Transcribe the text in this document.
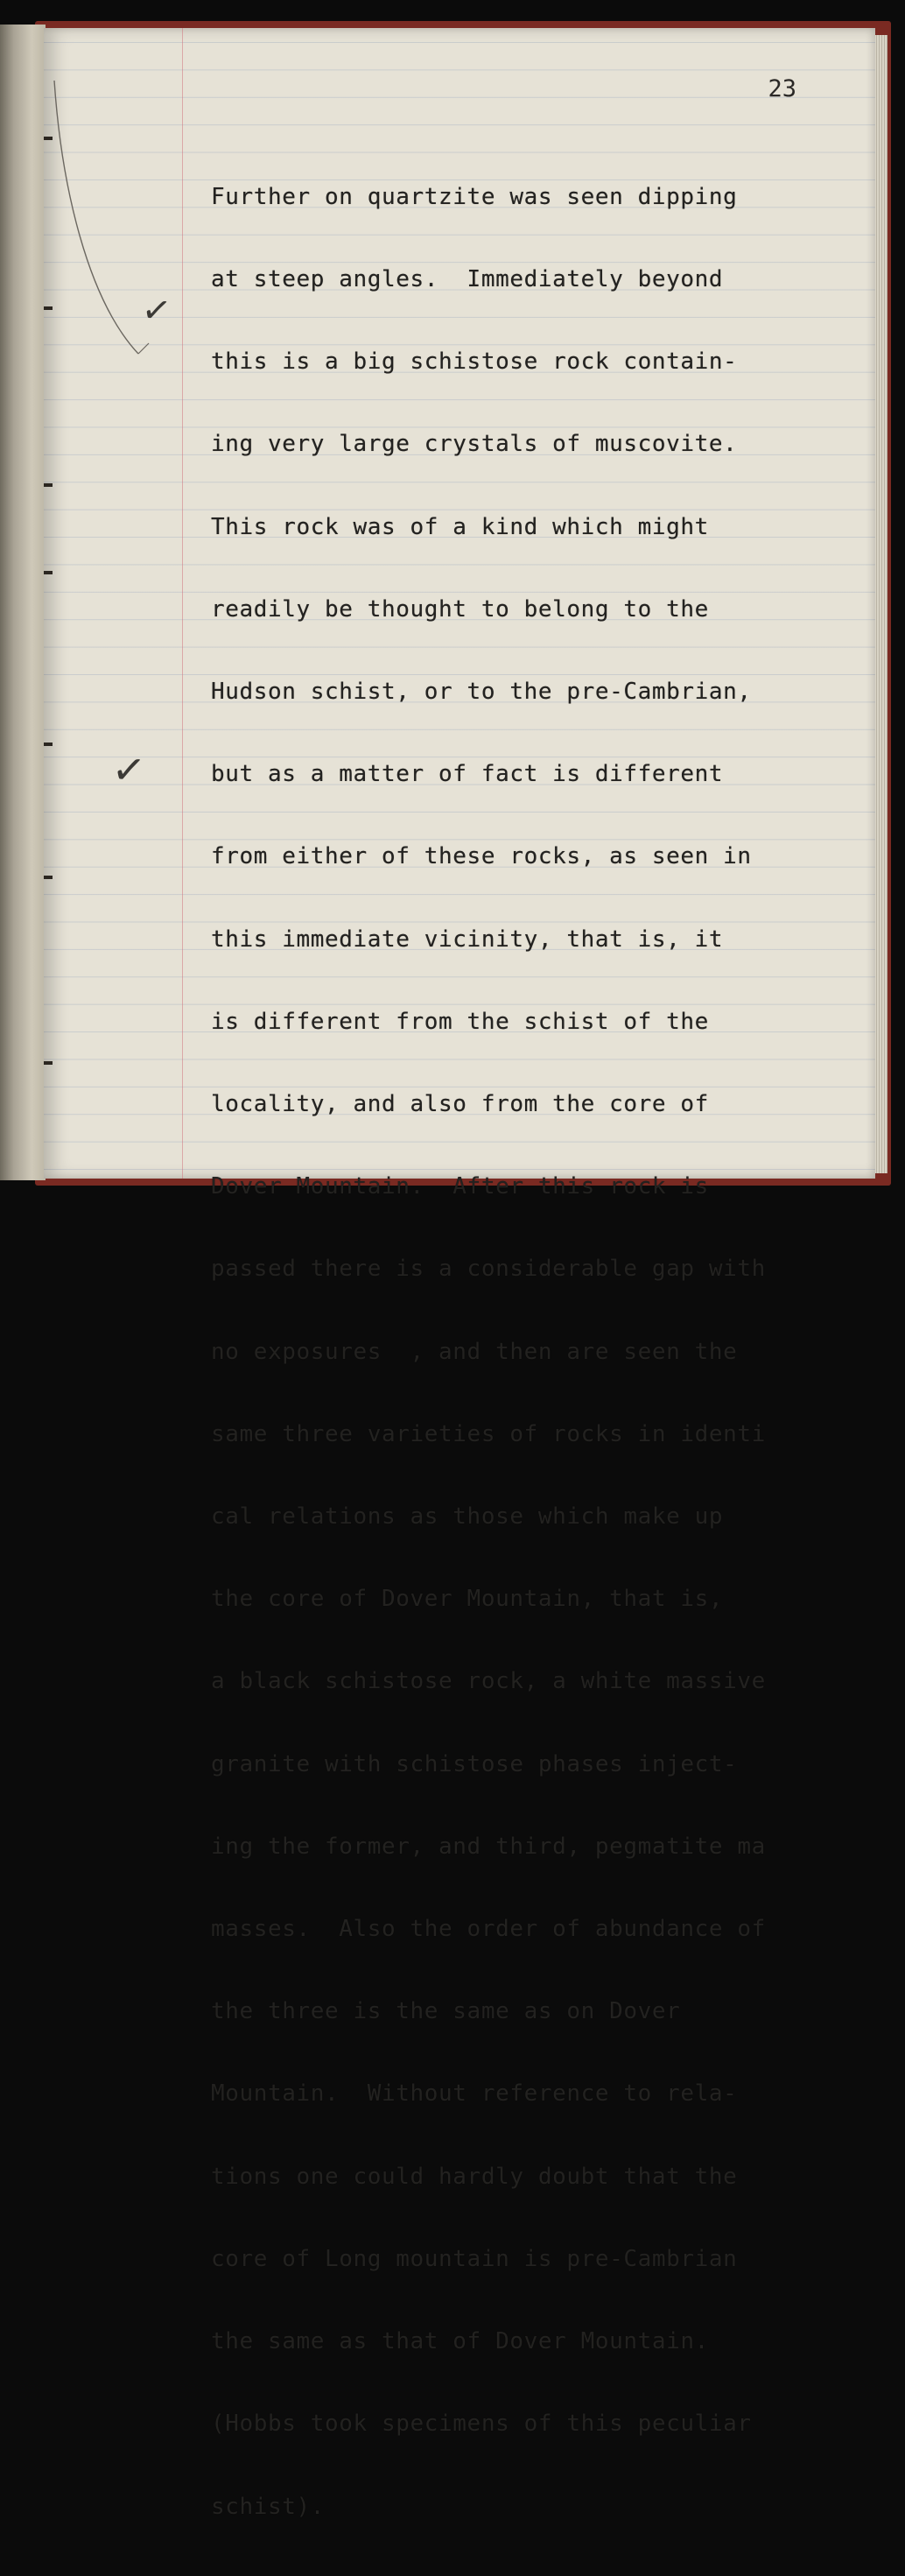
✓
✓
23

Further on quartzite was seen dipping

at steep angles.  Immediately beyond

this is a big schistose rock contain-

ing very large crystals of muscovite.

This rock was of a kind which might

readily be thought to belong to the

Hudson schist, or to the pre-Cambrian,

but as a matter of fact is different

from either of these rocks, as seen in

this immediate vicinity, that is, it

is different from the schist of the

locality, and also from the core of

Dover Mountain.  After this rock is

passed there is a considerable gap with

no exposures  , and then are seen the

same three varieties of rocks in identi

cal relations as those which make up

the core of Dover Mountain, that is,

a black schistose rock, a white massive

granite with schistose phases inject-

ing the former, and third, pegmatite ma

masses.  Also the order of abundance of

the three is the same as on Dover

Mountain.  Without reference to rela-

tions one could hardly doubt that the

core of Long mountain is pre-Cambrian

the same as that of Dover Mountain.

(Hobbs took specimens of this peculiar

schist).
